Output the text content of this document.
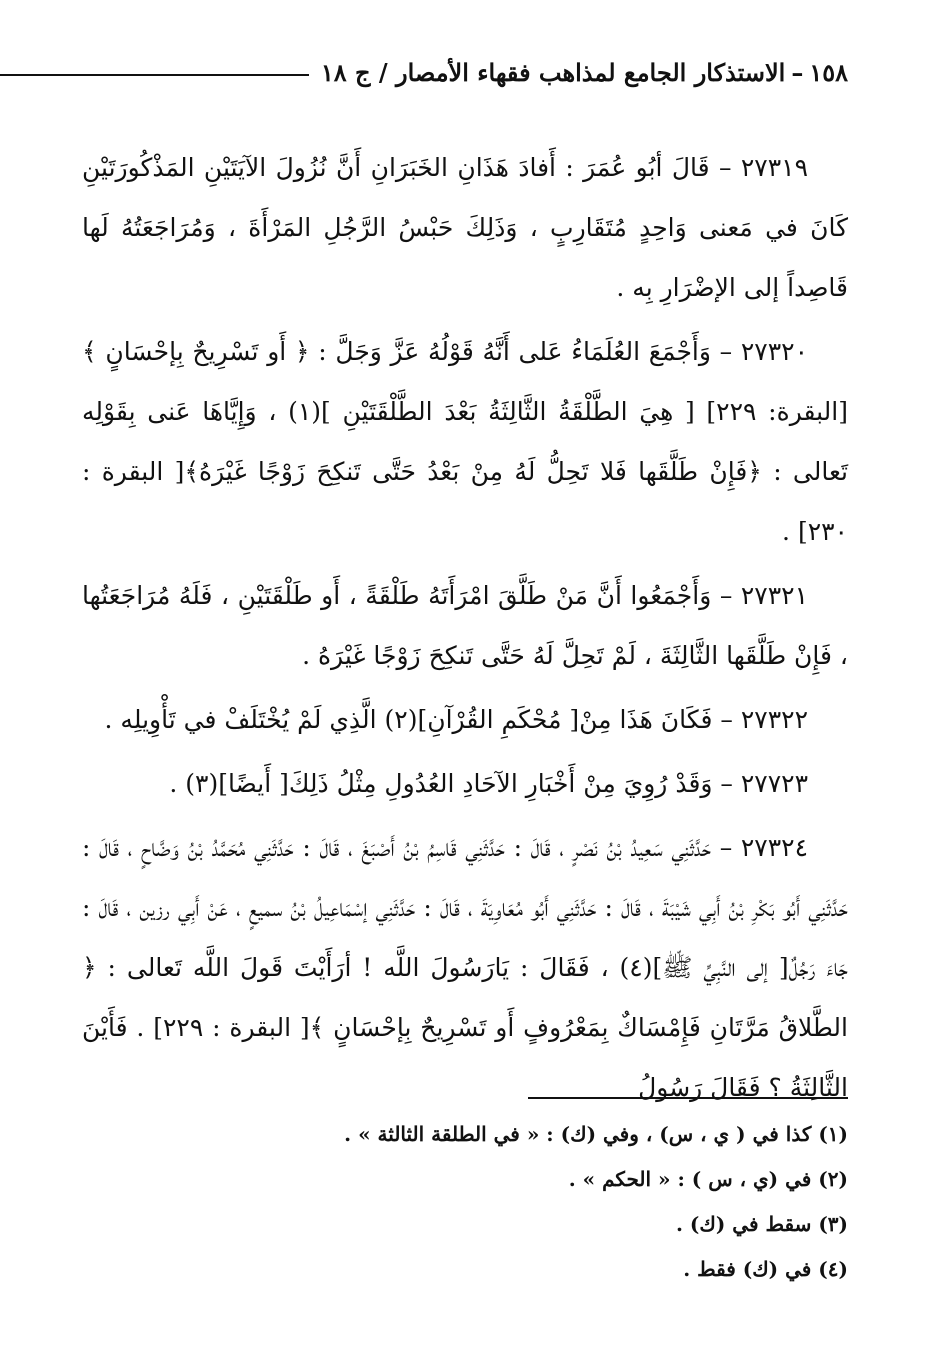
١٥٨
–
الاستذكار الجامع لمذاهب فقهاء الأمصار / ج ١٨

٢٧٣١٩ – قَالَ أبُو عُمَرَ : أَفادَ هَذَانِ الخَبَرَانِ أَنَّ نُزُولَ الآيَتَيْنِ المَذْكُورَتَيْنِ كَانَ في مَعنى وَاحِدٍ مُتَقَارِبٍ ، وَذَلِكَ حَبْسُ الرَّجُلِ المَرْأَةَ ، وَمُرَاجَعَتُهُ لَها قَاصِداً إلى الإضْرَارِ بِه .

٢٧٣٢٠ – وَأَجْمَعَ العُلَمَاءُ عَلى أَنَّهُ قَوْلُهُ عَزَّ وَجَلَّ : ﴿ أَو تَسْرِيحٌ بِإحْسَانٍ ﴾ [البقرة: ٢٢٩] [ هِيَ الطَّلْقَةُ الثَّالِثَةُ بَعْدَ الطَّلْقَتَيْنِ ](١) ، وَإِيَّاهَا عَنى بِقَوْلِه تَعالى : ﴿فَإِنْ طَلَّقَها فَلا تَحِلُّ لَهُ مِنْ بَعْدُ حَتَّى تَنكِحَ زَوْجًا غَيْرَهُ﴾[ البقرة : ٢٣٠] .

٢٧٣٢١ – وَأَجْمَعُوا أَنَّ مَنْ طَلَّقَ امْرَأَتَهُ طَلْقَةً ، أَو طَلْقَتَيْنِ ، فَلَهُ مُرَاجَعَتُها ، فَإِنْ طَلَّقَها الثَّالِثَةَ ، لَمْ تَحِلَّ لَهُ حَتَّى تَنكِحَ زَوْجًا غَيْرَهُ .

٢٧٣٢٢ – فَكَانَ هَذَا مِنْ[ مُحْكَمِ القُرْآنِ](٢) الَّذِي لَمْ يُخْتَلَفْ في تَأْوِيلِه .

٢٧٧٢٣ – وَقَدْ رُوِيَ مِنْ أَخْبَارِ الآحَادِ العُدُولِ مِثْلُ ذَلِكَ[ أَيضًا](٣) .

٢٧٣٢٤ – حَدَّثَنِي سَعِيدُ بْنُ نَصْرٍ ، قَالَ : حَدَّثَنِي قَاسِمُ بْنُ أَصْبَغَ ، قَالَ : حَدَّثَنِي مُحَمَّدُ بْنُ وَضَّاحٍ ، قَالَ : حَدَّثَنِي أَبُو بَكْرِ بْنُ أَبِي شَيْبَةَ ، قَالَ : حَدَّثَنِي أَبُو مُعَاوِيَةَ ، قَالَ : حَدَّثَنِي إسْمَاعِيلُ بْنُ سميعٍ ، عَنْ أَبِي رزين ، قَالَ : جَاءَ رَجُلٌ[ إلى النَّبِيِّ ﷺ](٤) ، فَقَالَ : يَارَسُولَ اللَّه ! أرَأَيْتَ قَولَ اللَّه تَعالى : ﴿ الطَّلاقُ مَرَّتَانِ فَإِمْسَاكٌ بِمَعْرُوفٍ أَو تَسْرِيحٌ بِإحْسَانٍ ﴾[ البقرة : ٢٢٩] . فَأَيْنَ الثَّالِثَةُ ؟ فَقَالَ رَسُولُ

(١) كذا في ( ي ، س) ، وفي (ك) : « في الطلقة الثالثة » .
(٢) في (ي ، س ) : « الحكم » .
(٣) سقط في (ك) .
(٤) في (ك) فقط .
